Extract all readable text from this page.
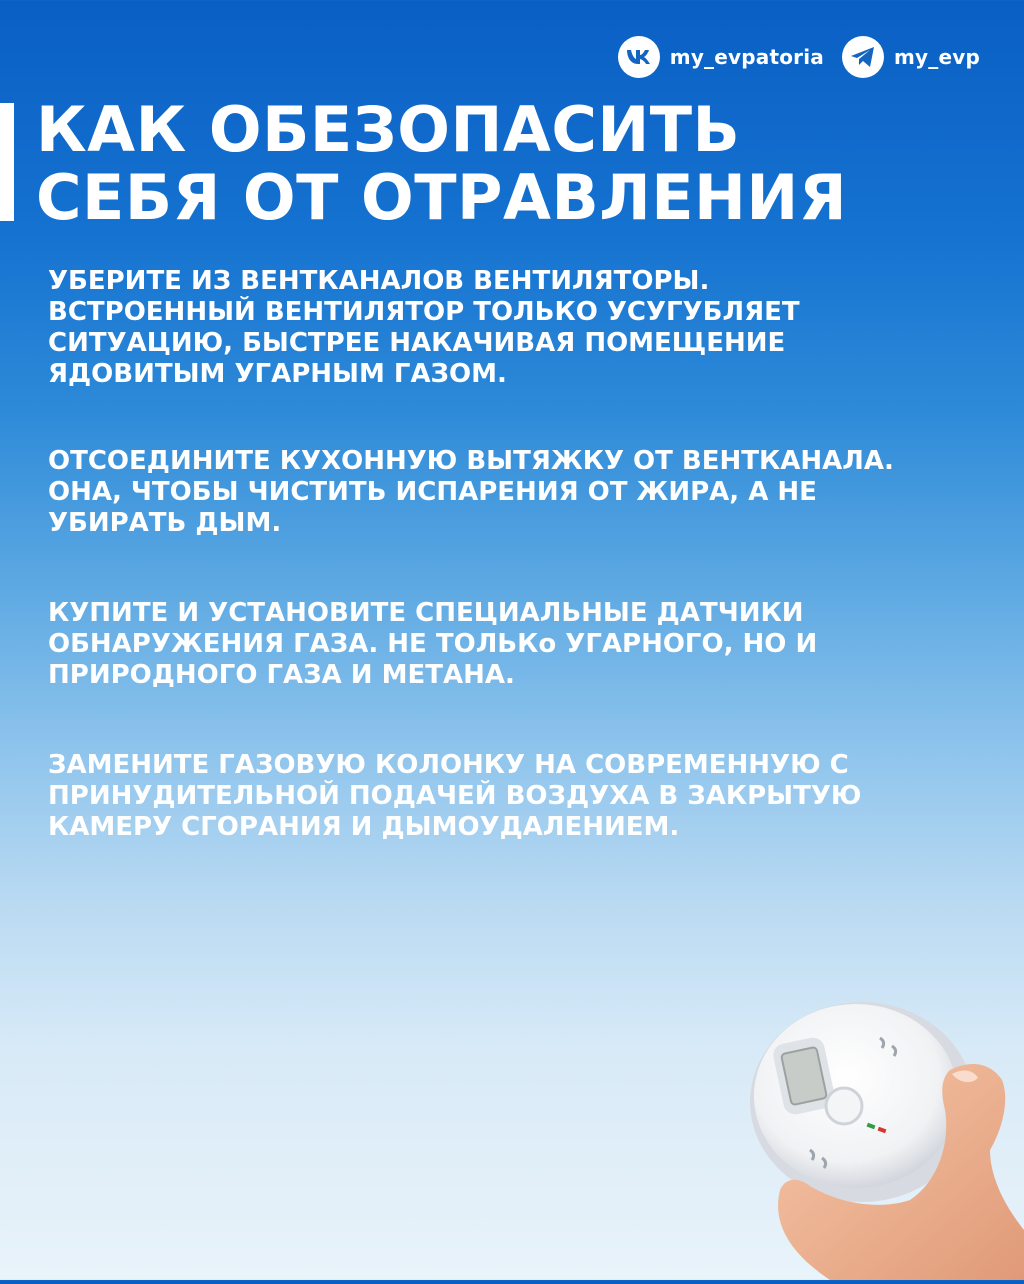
my_evpatoria	my_evp
КАК ОБЕЗОПАСИТЬ
СЕБЯ ОТ ОТРАВЛЕНИЯ

УБЕРИТЕ ИЗ ВЕНТКАНАЛОВ ВЕНТИЛЯТОРЫ.
ВСТРОЕННЫЙ ВЕНТИЛЯТОР ТОЛЬКО УСУГУБЛЯЕТ
СИТУАЦИЮ, БЫСТРЕЕ НАКАЧИВАЯ ПОМЕЩЕНИЕ
ЯДОВИТЫМ УГАРНЫМ ГАЗОМ.

ОТСОЕДИНИТЕ КУХОННУЮ ВЫТЯЖКУ ОТ ВЕНТКАНАЛА.
ОНА, ЧТОБЫ ЧИСТИТЬ ИСПАРЕНИЯ ОТ ЖИРА, А НЕ
УБИРАТЬ ДЫМ.

КУПИТЕ И УСТАНОВИТЕ СПЕЦИАЛЬНЫЕ ДАТЧИКИ
ОБНАРУЖЕНИЯ ГАЗА. НЕ ТОЛЬКо УГАРНОГО, НО И
ПРИРОДНОГО ГАЗА И МЕТАНА.

ЗАМЕНИТЕ ГАЗОВУЮ КОЛОНКУ НА СОВРЕМЕННУЮ С
ПРИНУДИТЕЛЬНОЙ ПОДАЧЕЙ ВОЗДУХА В ЗАКРЫТУЮ
КАМЕРУ СГОРАНИЯ И ДЫМОУДАЛЕНИЕМ.
